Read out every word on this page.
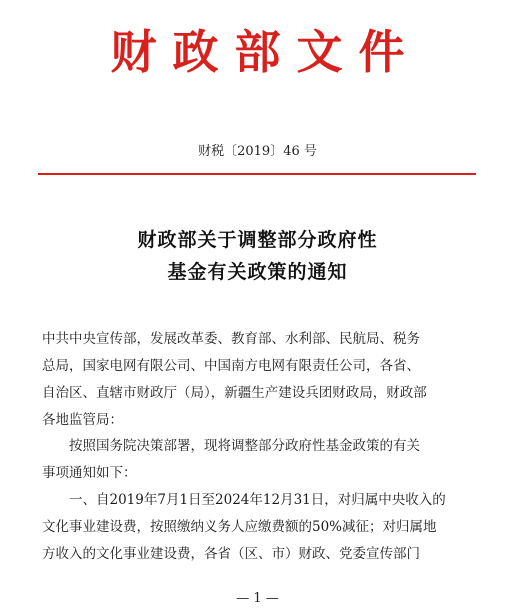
财政部文件
财税〔2019〕46 号
财政部关于调整部分政府性
基金有关政策的通知
中共中央宣传部，发展改革委、教育部、水利部、民航局、税务
总局，国家电网有限公司、中国南方电网有限责任公司，各省、
自治区、直辖市财政厅（局），新疆生产建设兵团财政局，财政部
各地监管局：
按照国务院决策部署，现将调整部分政府性基金政策的有关
事项通知如下：
一、自2019年7月1日至2024年12月31日，对归属中央收入的
文化事业建设费，按照缴纳义务人应缴费额的50%减征；对归属地
方收入的文化事业建设费，各省（区、市）财政、党委宣传部门
— 1 —
